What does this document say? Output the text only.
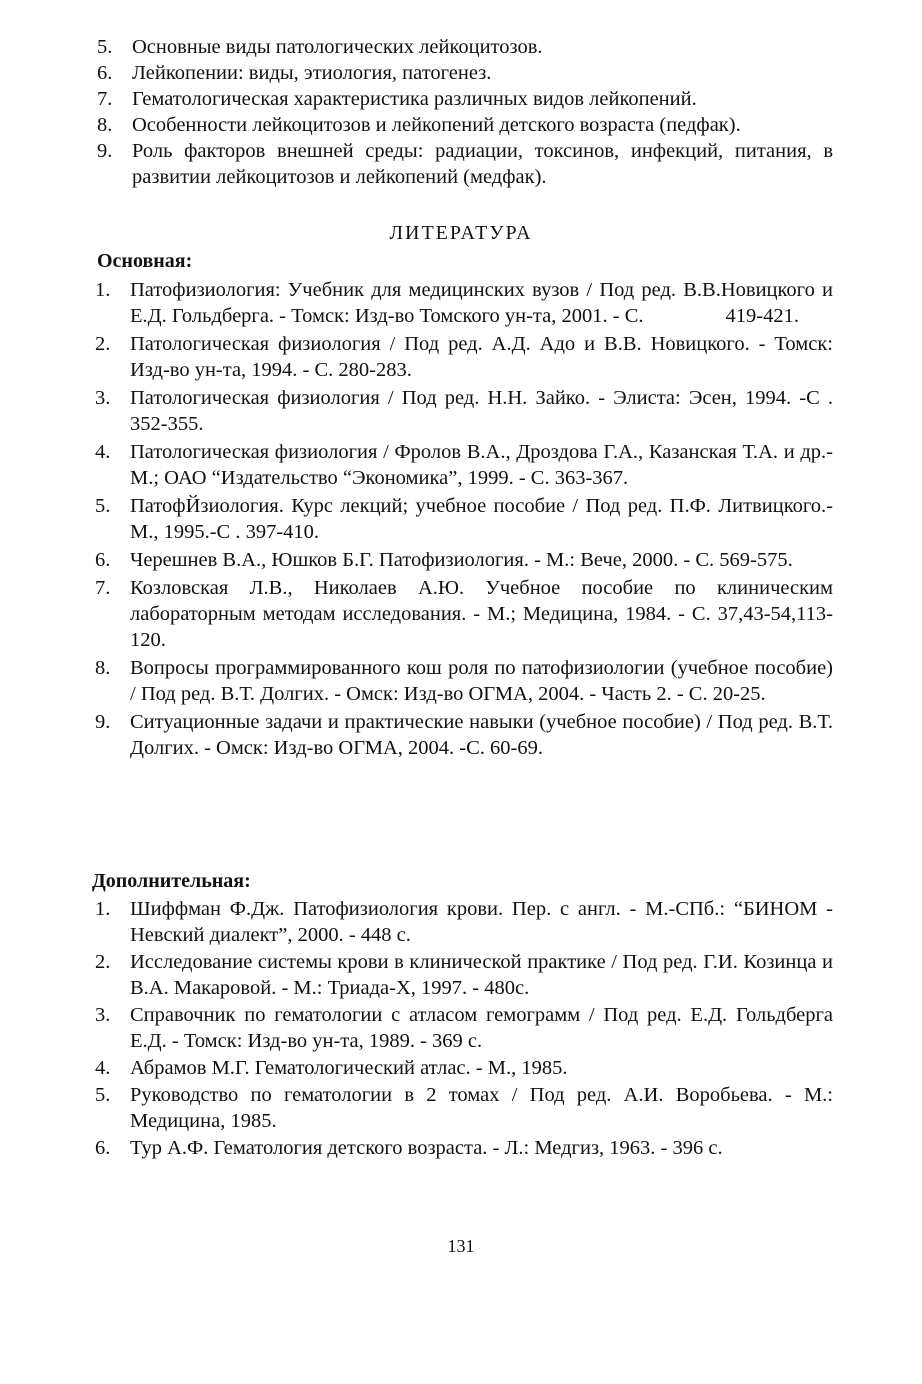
5. Основные виды патологических лейкоцитозов.
6. Лейкопении: виды, этиология, патогенез.
7. Гематологическая характеристика различных видов лейкопений.
8. Особенности лейкоцитозов и лейкопений детского возраста (педфак).
9. Роль факторов внешней среды: радиации, токсинов, инфекций, питания, в развитии лейкоцитозов и лейкопений (медфак).
ЛИТЕРАТУРА
Основная:
1. Патофизиология: Учебник для медицинских вузов / Под ред. В.В.Новицкого и Е.Д. Гольдберга. - Томск: Изд-во Томского ун-та, 2001. - С.                419-421.
2. Патологическая физиология / Под ред. А.Д. Адо и В.В. Новицкого. - Томск: Изд-во ун-та, 1994. - С. 280-283.
3. Патологическая физиология / Под ред. Н.Н. Зайко. - Элиста: Эсен, 1994. -С . 352-355.
4. Патологическая физиология / Фролов В.А., Дроздова Г.А., Казанская Т.А. и др.- М.; ОАО “Издательство “Экономика”, 1999. - С. 363-367.
5. ПатофЙзиология. Курс лекций; учебное пособие / Под ред. П.Ф. Литвицкого.-М., 1995.-С . 397-410.
6. Черешнев В.А., Юшков Б.Г. Патофизиология. - М.: Вече, 2000. - С. 569-575.
7. Козловская Л.В., Николаев А.Ю. Учебное пособие по клиническим лабораторным методам исследования. - М.; Медицина, 1984. - С. 37,43-54,113-120.
8. Вопросы программированного кош роля по патофизиологии (учебное пособие) / Под ред. В.Т. Долгих. - Омск: Изд-во ОГМА, 2004. - Часть 2. - С. 20-25.
9. Ситуационные задачи и практические навыки (учебное пособие) / Под ред. В.Т. Долгих. - Омск: Изд-во ОГМА, 2004. -С. 60-69.
Дополнительная:
1. Шиффман Ф.Дж. Патофизиология крови. Пер. с англ. - М.-СПб.: “БИНОМ - Невский диалект”, 2000. - 448 с.
2. Исследование системы крови в клинической практике / Под ред. Г.И. Козинца и В.А. Макаровой. - М.: Триада-Х, 1997. - 480с.
3. Справочник по гематологии с атласом гемограмм / Под ред. Е.Д. Гольдберга Е.Д. - Томск: Изд-во ун-та, 1989. - 369 с.
4. Абрамов М.Г. Гематологический атлас. - М., 1985.
5. Руководство по гематологии в 2 томах / Под ред. А.И. Воробьева. - М.: Медицина, 1985.
6. Тур А.Ф. Гематология детского возраста. - Л.: Медгиз, 1963. - 396 с.
131
